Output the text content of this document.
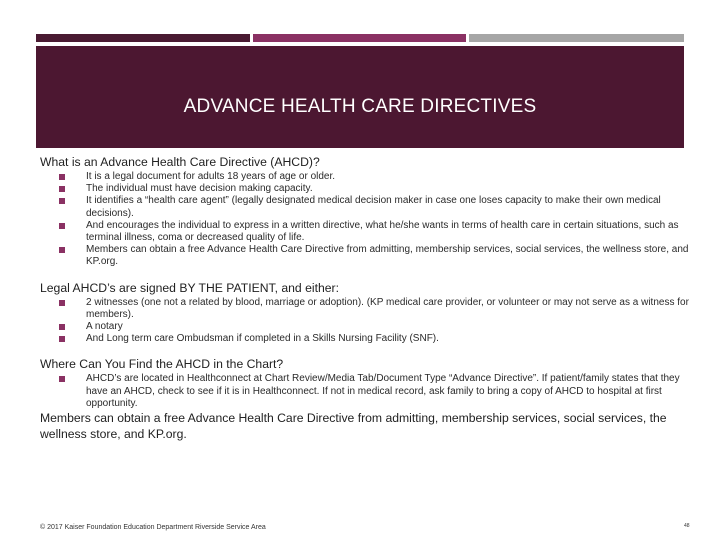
ADVANCE HEALTH CARE DIRECTIVES

What is an Advance Health Care Directive (AHCD)?

It is a legal document for adults 18 years of age or older.
The individual must have decision making capacity.
It identifies a “health care agent” (legally designated medical decision maker in case one loses capacity to make their own medical decisions).
And encourages the individual to express in a written directive, what he/she wants in terms of health care in certain situations, such as terminal illness, coma or decreased quality of life.
Members can obtain a free Advance Health Care Directive from admitting, membership services, social services, the wellness store, and KP.org.

Legal AHCD’s are signed BY THE PATIENT, and either:

2 witnesses (one not a related by blood, marriage or adoption). (KP medical care provider, or volunteer or may not serve as a witness for members).
A notary
And Long term care Ombudsman if completed in a Skills Nursing Facility (SNF).

Where Can You Find the AHCD in the Chart?

AHCD’s are located in Healthconnect at Chart Review/Media Tab/Document Type “Advance Directive”. If patient/family states that they have an AHCD, check to see if it is in Healthconnect. If not in medical record, ask family to bring a copy of AHCD to hospital at first opportunity.

Members can obtain a free Advance Health Care Directive from admitting, membership services, social services, the wellness store, and KP.org.

© 2017 Kaiser Foundation Education Department Riverside Service Area	48
